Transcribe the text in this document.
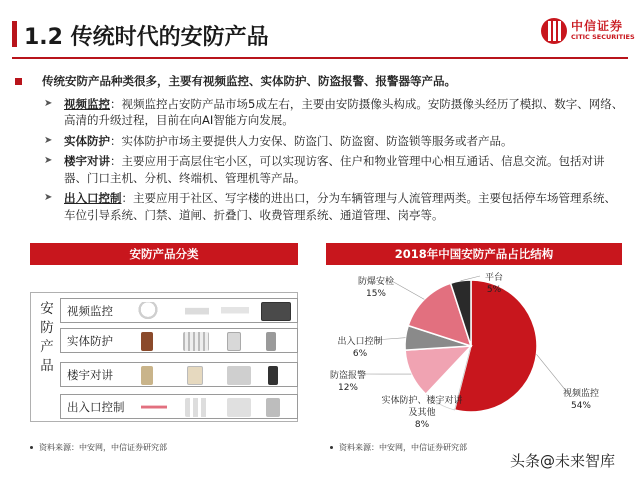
1.2 传统时代的安防产品	中信证券
CITIC SECURITIES
传统安防产品种类很多，主要有视频监控、实体防护、防盗报警、报警器等产品。
➤ 视频监控：视频监控占安防产品市场5成左右，主要由安防摄像头构成。安防摄像头经历了模拟、数字、网络、高清的升级过程，目前在向AI智能方向发展。
➤ 实体防护：实体防护市场主要提供人力安保、防盗门、防盗窗、防盗锁等服务或者产品。
➤ 楼宇对讲：主要应用于高层住宅小区，可以实现访客、住户和物业管理中心相互通话、信息交流。包括对讲器、门口主机、分机、终端机、管理机等产品。
➤ 出入口控制：主要应用于社区、写字楼的进出口，分为车辆管理与人流管理两类。主要包括停车场管理系统、车位引导系统、门禁、道闸、折叠门、收费管理系统、通道管理、岗亭等。
安防产品分类
安防产品
视频监控
实体防护
楼宇对讲
出入口控制
资料来源：中安网，中信证券研究部
2018年中国安防产品占比结构
视频监控 54%
实体防护、楼宇对讲及其他 8%
防盗报警 12%
出入口控制 6%
防爆安检 15%
平台 5%
资料来源：中安网，中信证券研究部
头条@未来智库
